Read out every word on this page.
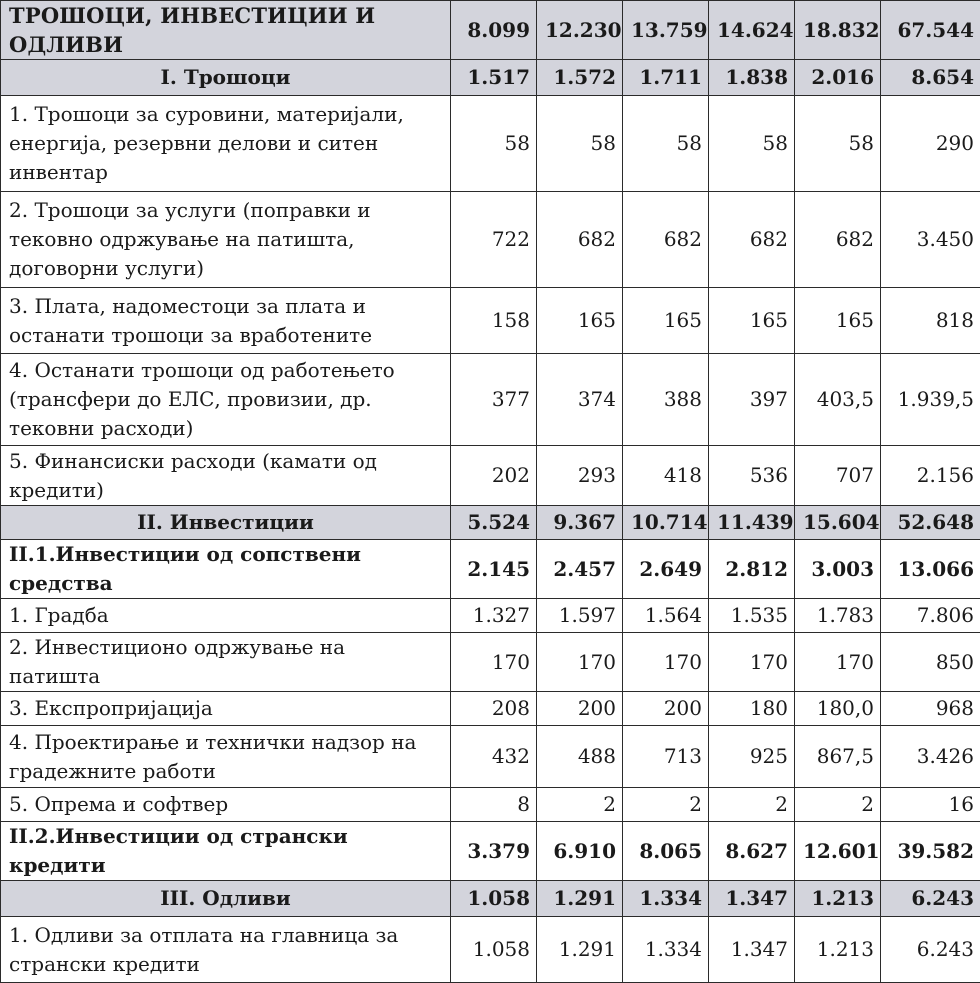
ТРОШОЦИ, ИНВЕСТИЦИИ И ОДЛИВИ	8.099	12.230	13.759	14.624	18.832	67.544
I. Трошоци	1.517	1.572	1.711	1.838	2.016	8.654
1. Трошоци за суровини, материјали, енергија, резервни делови и ситен инвентар	58	58	58	58	58	290
2. Трошоци за услуги (поправки и тековно одржување на патишта, договорни услуги)	722	682	682	682	682	3.450
3. Плата, надоместоци за плата и останати трошоци за вработените	158	165	165	165	165	818
4. Останати трошоци од работењето (трансфери до ЕЛС, провизии, др. тековни расходи)	377	374	388	397	403,5	1.939,5
5. Финансиски расходи (камати од кредити)	202	293	418	536	707	2.156
II. Инвестиции	5.524	9.367	10.714	11.439	15.604	52.648
II.1.Инвестиции од сопствени средства	2.145	2.457	2.649	2.812	3.003	13.066
1. Градба	1.327	1.597	1.564	1.535	1.783	7.806
2. Инвестиционо одржување на патишта	170	170	170	170	170	850
3. Експропријација	208	200	200	180	180,0	968
4. Проектирање и технички надзор на градежните работи	432	488	713	925	867,5	3.426
5. Опрема и софтвер	8	2	2	2	2	16
II.2.Инвестиции од странски кредити	3.379	6.910	8.065	8.627	12.601	39.582
III. Одливи	1.058	1.291	1.334	1.347	1.213	6.243
1. Одливи за отплата на главница за странски кредити	1.058	1.291	1.334	1.347	1.213	6.243
